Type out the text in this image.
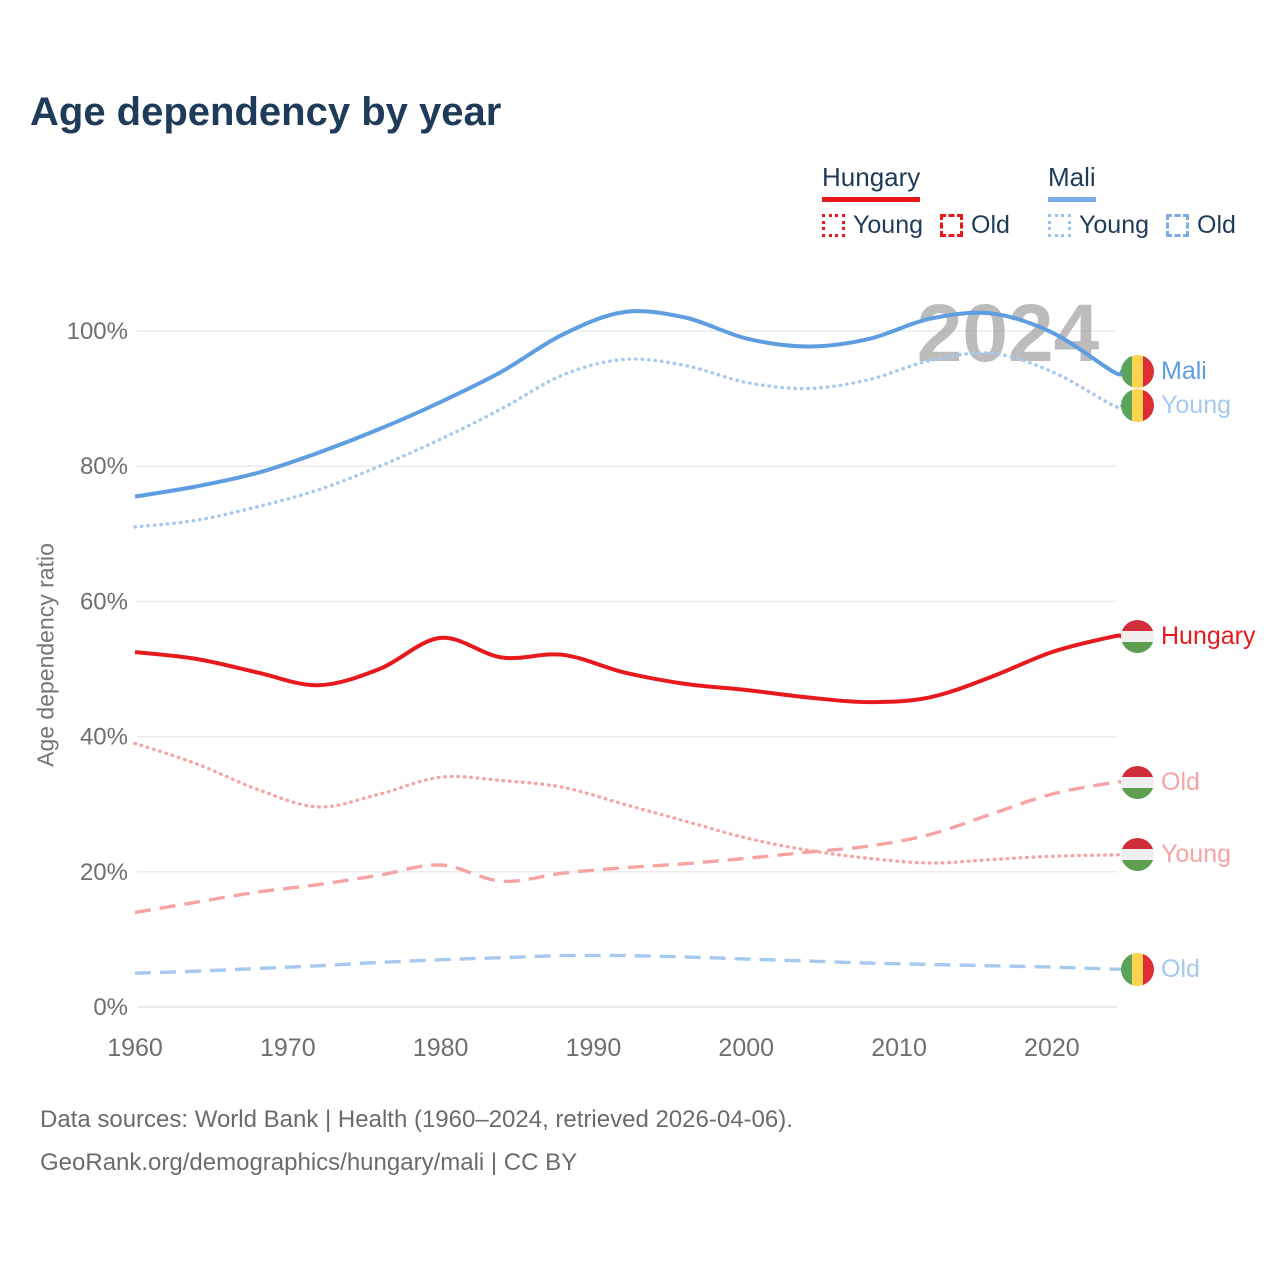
Age dependency by year
Hungary
Young Old
Mali
Young Old
Age dependency ratio
0%
20%
40%
60%
80%
100%
1960	1970	1980	1990	2000	2010	2020
2024 Mali
Young
Old
Hungary
Young
Old
Data sources: World Bank | Health (1960–2024, retrieved 2026-04-06).
GeoRank.org/demographics/hungary/mali | CC BY
